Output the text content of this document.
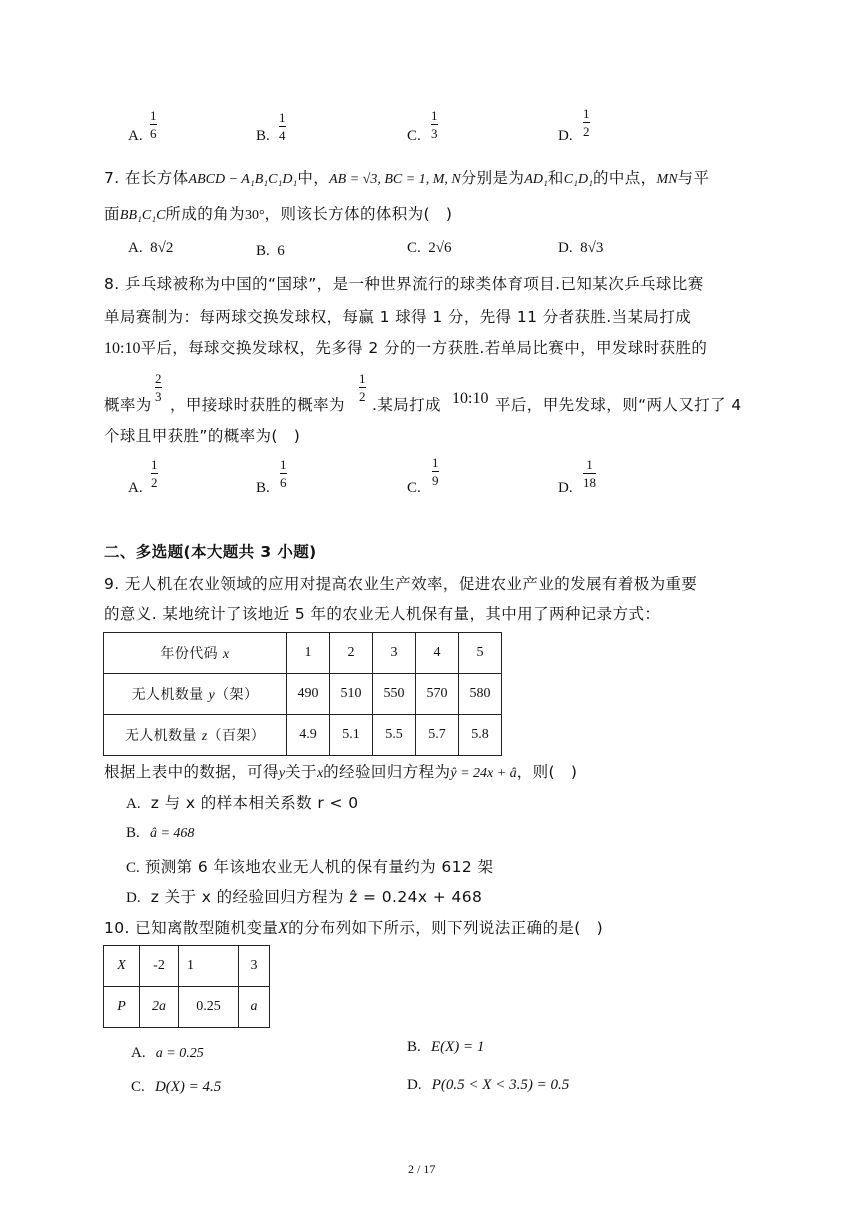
A.
1
6	B.
1
4	C.
1
3	D.
1
2
7. 在长方体ABCD − A₁B₁C₁D₁中，AB = √3, BC = 1, M, N分别是为AD₁和C₁D₁的中点，MN与平
面BB₁C₁C所成的角为30°，则该长方体的体积为(　)
A. 8√2	B. 6	C. 2√6	D. 8√3
8. 乒乓球被称为中国的“国球”，是一种世界流行的球类体育项目.已知某次乒乓球比赛
单局赛制为：每两球交换发球权，每赢 1 球得 1 分，先得 11 分者获胜.当某局打成
10:10平后，每球交换发球权，先多得 2 分的一方获胜.若单局比赛中，甲发球时获胜的
概率为
2
3 ，甲接球时获胜的概率为
1
2 .某局打成 10:10 平后，甲先发球，则“两人又打了 4
个球且甲获胜”的概率为(　)
A.
1
2	B.
1
6	C.
1
9	D.
1
18
二、多选题(本大题共 3 小题)
9. 无人机在农业领域的应用对提高农业生产效率，促进农业产业的发展有着极为重要
的意义. 某地统计了该地近 5 年的农业无人机保有量，其中用了两种记录方式：
年份代码 x	1	2	3	4	5
无人机数量 y（架）	490	510	550	570	580
无人机数量 z（百架）	4.9	5.1	5.5	5.7	5.8
根据上表中的数据，可得y关于x的经验回归方程为ŷ = 24x + â，则(　)
A. z 与 x 的样本相关系数 r < 0
B. â = 468
C. 预测第 6 年该地农业无人机的保有量约为 612 架
D. z 关于 x 的经验回归方程为 ẑ = 0.24x + 468
10. 已知离散型随机变量X的分布列如下所示，则下列说法正确的是(　)
X	-2	1	3
P	2a	0.25	a
A. a = 0.25	B. E(X) = 1
C. D(X) = 4.5	D. P(0.5 < X < 3.5) = 0.5
2 / 17
